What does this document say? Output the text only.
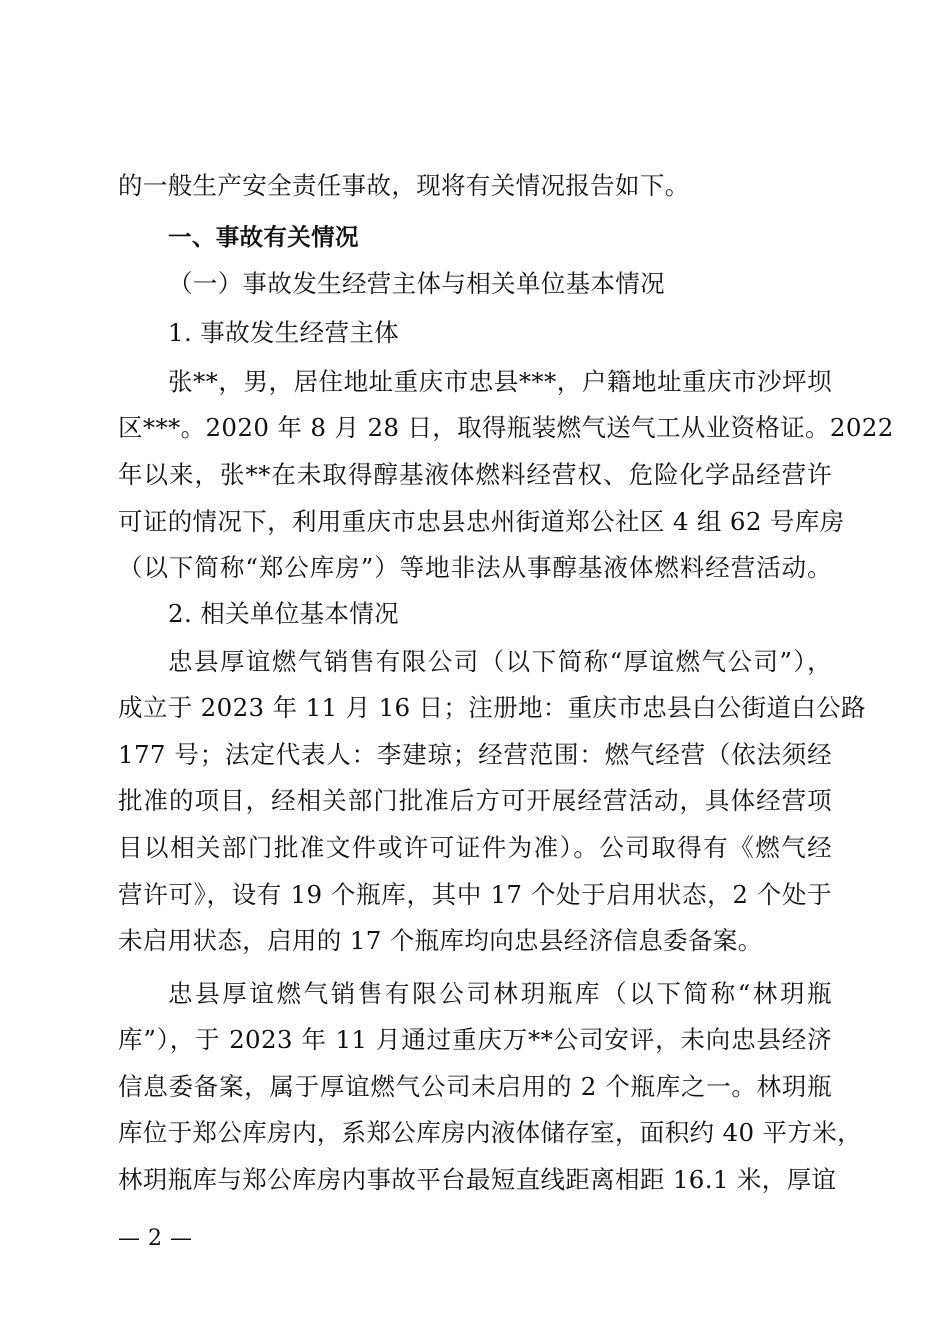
的一般生产安全责任事故，现将有关情况报告如下。

一、事故有关情况

（一）事故发生经营主体与相关单位基本情况

1. 事故发生经营主体

张**，男，居住地址重庆市忠县***，户籍地址重庆市沙坪坝

区***。2020 年 8 月 28 日，取得瓶装燃气送气工从业资格证。2022

年以来，张**在未取得醇基液体燃料经营权、危险化学品经营许

可证的情况下，利用重庆市忠县忠州街道郑公社区 4 组 62 号库房

（以下简称“郑公库房”）等地非法从事醇基液体燃料经营活动。

2. 相关单位基本情况

忠县厚谊燃气销售有限公司（以下简称“厚谊燃气公司”），

成立于 2023 年 11 月 16 日；注册地：重庆市忠县白公街道白公路

177 号；法定代表人：李建琼；经营范围：燃气经营（依法须经

批准的项目，经相关部门批准后方可开展经营活动，具体经营项

目以相关部门批准文件或许可证件为准）。公司取得有《燃气经

营许可》，设有 19 个瓶库，其中 17 个处于启用状态，2 个处于

未启用状态，启用的 17 个瓶库均向忠县经济信息委备案。

忠县厚谊燃气销售有限公司林玥瓶库（以下简称“林玥瓶

库”），于 2023 年 11 月通过重庆万**公司安评，未向忠县经济

信息委备案，属于厚谊燃气公司未启用的 2 个瓶库之一。林玥瓶

库位于郑公库房内，系郑公库房内液体储存室，面积约 40 平方米，

林玥瓶库与郑公库房内事故平台最短直线距离相距 16.1 米，厚谊

— 2 —
